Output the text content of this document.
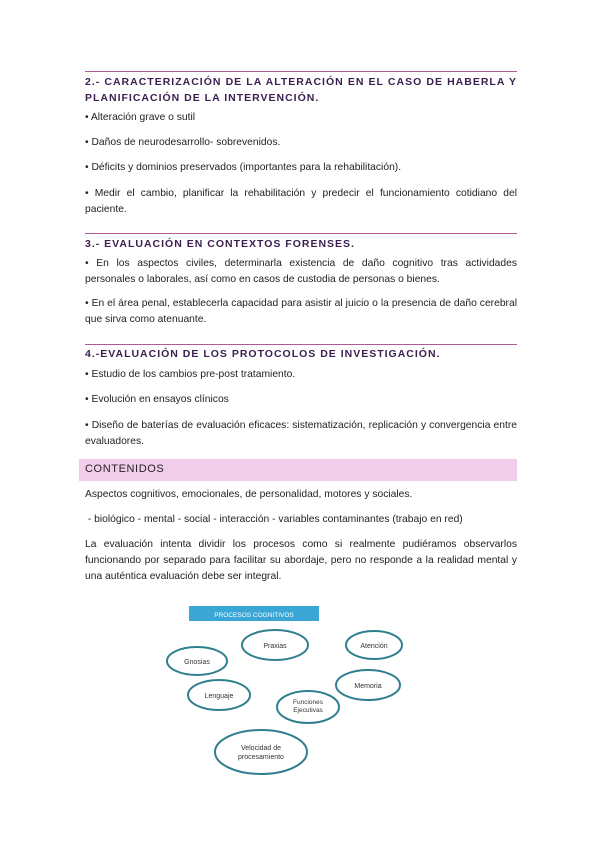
2.- CARACTERIZACIÓN DE LA ALTERACIÓN EN EL CASO DE HABERLA Y PLANIFICACIÓN DE LA INTERVENCIÓN.
• Alteración grave o sutil
• Daños de neurodesarrollo- sobrevenidos.
• Déficits y dominios preservados (importantes para la rehabilitación).
• Medir el cambio, planificar la rehabilitación y predecir el funcionamiento cotidiano del paciente.
3.- EVALUACIÓN EN CONTEXTOS FORENSES.
• En los aspectos civiles, determinarla existencia de daño cognitivo tras actividades personales o laborales, así como en casos de custodia de personas o bienes.
• En el área penal, establecerla capacidad para asistir al juicio o la presencia de daño cerebral que sirva como atenuante.
4.-EVALUACIÓN DE LOS PROTOCOLOS DE INVESTIGACIÓN.
• Estudio de los cambios pre-post tratamiento.
• Evolución en ensayos clínicos
• Diseño de baterías de evaluación eficaces: sistematización, replicación y convergencia entre evaluadores.
CONTENIDOS
Aspectos cognitivos, emocionales, de personalidad, motores y sociales.
- biológico - mental - social - interacción - variables contaminantes (trabajo en red)
La evaluación intenta dividir los procesos como si realmente pudiéramos observarlos funcionando por separado para facilitar su abordaje, pero no responde a la realidad mental y una auténtica evaluación debe ser integral.
PROCESOS COGNITIVOS
Praxias	Atención
Gnosias
Memoria
Lenguaje
Funciones
Ejecutivas
Velocidad de
procesamiento
